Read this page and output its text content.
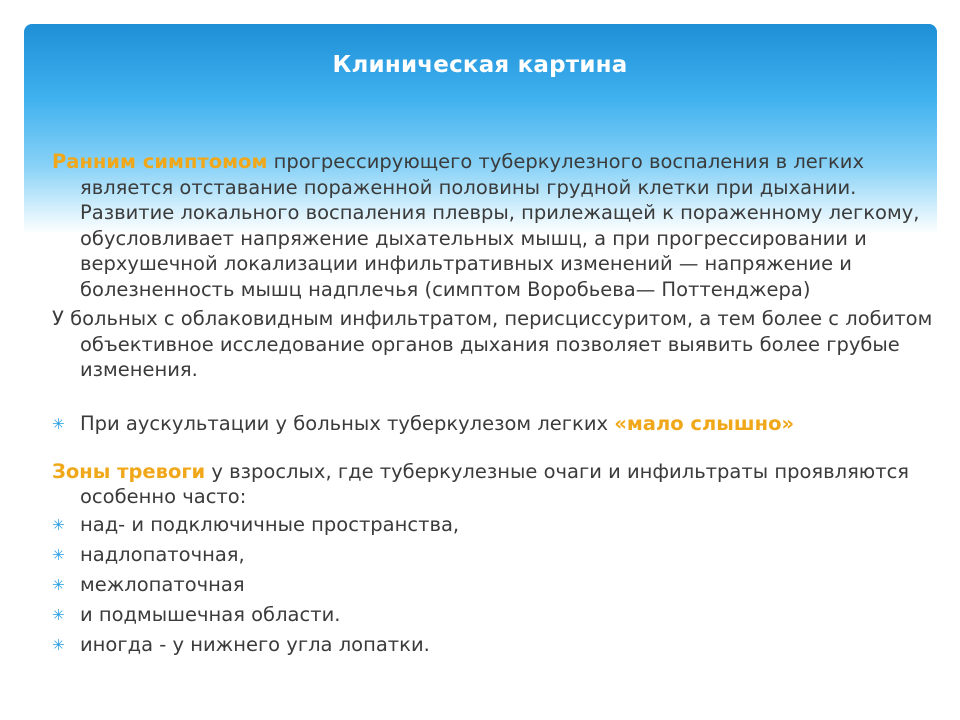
Клиническая картина

Ранним симптомом прогрессирующего туберкулезного воспаления в легких является отставание пораженной половины грудной клетки при дыхании. Развитие локального воспаления плевры, прилежащей к пораженному легкому, обусловливает напряжение дыхательных мышц, а при прогрессировании и верхушечной локализации инфильтративных изменений — напряжение и болезненность мышц надплечья (симптом Воробьева— Поттенджера)

У больных с облаковидным инфильтратом, перисциссуритом, а тем более с лобитом объективное исследование органов дыхания позволяет выявить более грубые изменения.

✳ При аускультации у больных туберкулезом легких «мало слышно»

Зоны тревоги у взрослых, где туберкулезные очаги и инфильтраты проявляются особенно часто:

✳ над- и подключичные пространства,

✳ надлопаточная,

✳ межлопаточная

✳ и подмышечная области.

✳ иногда - у нижнего угла лопатки.
